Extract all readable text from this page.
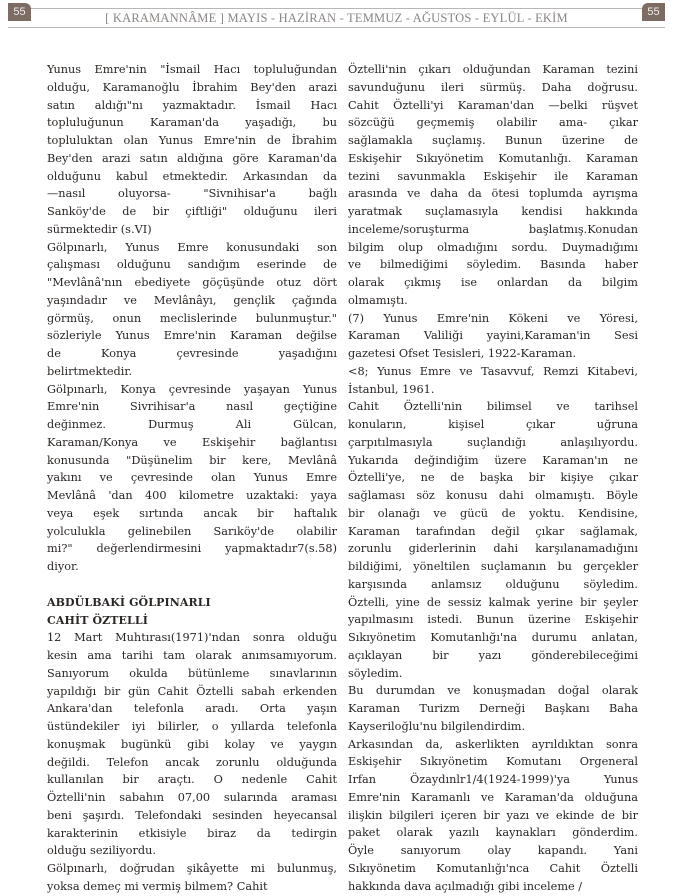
55	55
[ KARAMANNÂME ] MAYIS - HAZİRAN - TEMMUZ - AĞUSTOS - EYLÜL - EKİM

Yunus Emre'nin "İsmail Hacı topluluğundan
olduğu, Karamanoğlu İbrahim Bey'den arazi
satın aldığı"nı yazmaktadır. İsmail Hacı
topluluğunun Karaman'da yaşadığı, bu
topluluktan olan Yunus Emre'nin de İbrahim
Bey'den arazi satın aldığına göre Karaman'da
olduğunu kabul etmektedir. Arkasından da
—nasıl oluyorsa- "Sivnihisar'a bağlı
Sanköy'de de bir çiftliği" olduğunu ileri
sürmektedir (s.VI)

Gölpınarlı, Yunus Emre konusundaki son
çalışması olduğunu sandığım eserinde de
"Mevlânâ'nın ebediyete göçüşünde otuz dört
yaşındadır ve Mevlânâyı, gençlik çağında
görmüş, onun meclislerinde bulunmuştur."
sözleriyle Yunus Emre'nin Karaman değilse
de Konya çevresinde yaşadığını
belirtmektedir.

Gölpınarlı, Konya çevresinde yaşayan Yunus
Emre'nin Sivrihisar'a nasıl geçtiğine
değinmez. Durmuş Ali Gülcan,
Karaman/Konya ve Eskişehir bağlantısı
konusunda "Düşünelim bir kere, Mevlânâ
yakını ve çevresinde olan Yunus Emre
Mevlânâ 'dan 400 kilometre uzaktaki: yaya
veya eşek sırtında ancak bir haftalık
yolculukla gelinebilen Sarıköy'de olabilir
mi?" değerlendirmesini yapmaktadır7(s.58)
diyor.

ABDÜLBAKİ GÖLPINARLI
CAHİT ÖZTELLİ

12 Mart Muhtırası(1971)'ndan sonra olduğu
kesin ama tarihi tam olarak anımsamıyorum.
Sanıyorum okulda bütünleme sınavlarının
yapıldığı bir gün Cahit Öztelli sabah erkenden
Ankara'dan telefonla aradı. Orta yaşın
üstündekiler iyi bilirler, o yıllarda telefonla
konuşmak bugünkü gibi kolay ve yaygın
değildi. Telefon ancak zorunlu olduğunda
kullanılan bir araçtı. O nedenle Cahit
Öztelli'nin sabahın 07,00 sularında araması
beni şaşırdı. Telefondaki sesinden heyecansal
karakterinin etkisiyle biraz da tedirgin
olduğu seziliyordu.

Gölpınarlı, doğrudan şikâyette mi bulunmuş,
yoksa demeç mi vermiş bilmem? Cahit

Öztelli'nin çıkarı olduğundan Karaman tezini
savunduğunu ileri sürmüş. Daha doğrusu.
Cahit Öztelli'yi Karaman'dan —belki rüşvet
sözcüğü geçmemiş olabilir ama- çıkar
sağlamakla suçlamış. Bunun üzerine de
Eskişehir Sıkıyönetim Komutanlığı. Karaman
tezini savunmakla Eskişehir ile Karaman
arasında ve daha da ötesi toplumda ayrışma
yaratmak suçlamasıyla kendisi hakkında
inceleme/soruşturma başlatmış.Konudan
bilgim olup olmadığını sordu. Duymadığımı
ve bilmediğimi söyledim. Basında haber
olarak çıkmış ise onlardan da bilgim
olmamıştı.

(7) Yunus Emre'nin Kökeni ve Yöresi,
Karaman Valiliği yayini,Karaman'in Sesi
gazetesi Ofset Tesisleri, 1922-Karaman.

<8; Yunus Emre ve Tasavvuf, Remzi Kitabevi,
İstanbul, 1961.

Cahit Öztelli'nin bilimsel ve tarihsel
konuların, kişisel çıkar uğruna
çarpıtılmasıyla suçlandığı anlaşılıyordu.
Yukarıda değindiğim üzere Karaman'ın ne
Öztelli'ye, ne de başka bir kişiye çıkar
sağlaması söz konusu dahi olmamıştı. Böyle
bir olanağı ve gücü de yoktu. Kendisine,
Karaman tarafından değil çıkar sağlamak,
zorunlu giderlerinin dahi karşılanamadığını
bildiğimi, yöneltilen suçlamanın bu gerçekler
karşısında anlamsız olduğunu söyledim.
Öztelli, yine de sessiz kalmak yerine bir şeyler
yapılmasını istedi. Bunun üzerine Eskişehir
Sıkıyönetim Komutanlığı'na durumu anlatan,
açıklayan bir yazı gönderebileceğimi
söyledim.

Bu durumdan ve konuşmadan doğal olarak
Karaman Turizm Derneği Başkanı Baha
Kayseriloğlu'nu bilgilendirdim.

Arkasından da, askerlikten ayrıldıktan sonra
Eskişehir Sıkıyönetim Komutanı Orgeneral
Irfan Özaydınlr1/4(1924-1999)'ya Yunus
Emre'nin Karamanlı ve Karaman'da olduğuna
ilişkin bilgileri içeren bir yazı ve ekinde de bir
paket olarak yazılı kaynakları gönderdim.
Öyle sanıyorum olay kapandı. Yani
Sıkıyönetim Komutanlığı'nca Cahit Öztelli
hakkında dava açılmadığı gibi inceleme /
